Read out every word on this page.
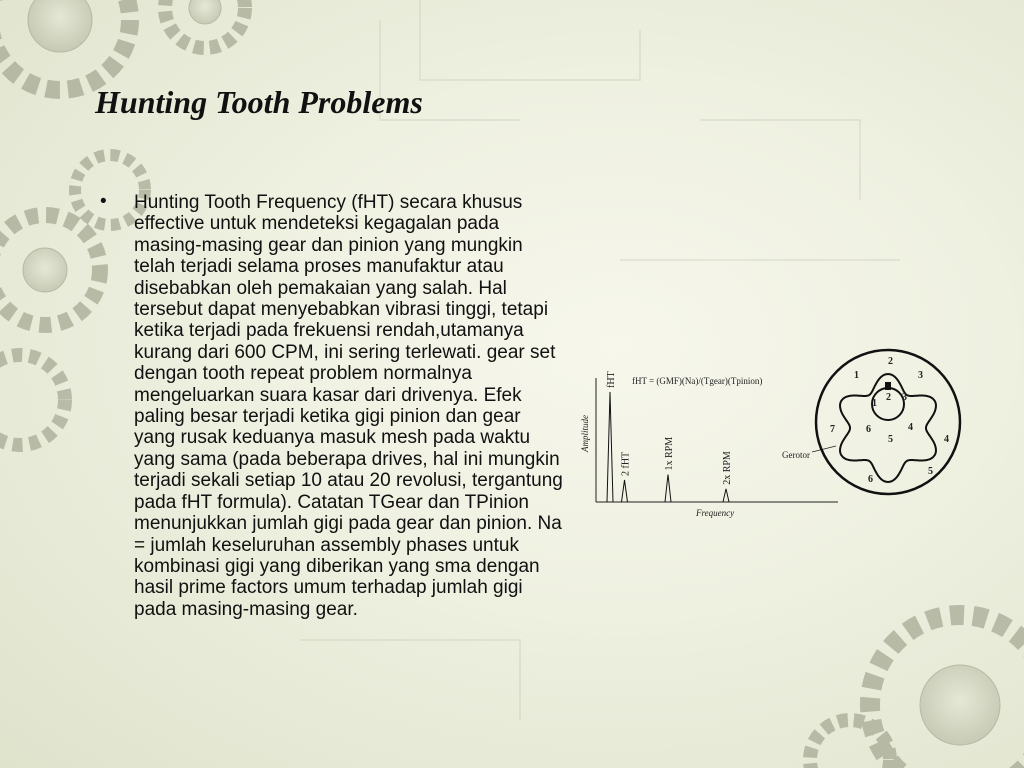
Hunting Tooth Problems
• Hunting Tooth Frequency (fHT) secara khusus effective untuk mendeteksi kegagalan pada masing-masing gear dan pinion yang mungkin telah terjadi selama proses manufaktur atau disebabkan oleh pemakaian yang salah. Hal tersebut dapat menyebabkan vibrasi tinggi, tetapi ketika terjadi pada frekuensi rendah,utamanya kurang dari 600 CPM, ini sering terlewati. gear set dengan tooth repeat problem normalnya mengeluarkan suara kasar dari drivenya. Efek paling besar terjadi ketika gigi pinion dan gear yang rusak keduanya masuk mesh pada waktu yang sama (pada beberapa drives, hal ini mungkin terjadi sekali setiap 10 atau 20 revolusi, tergantung pada fHT formula). Catatan TGear dan TPinion menunjukkan jumlah gigi pada gear dan pinion. Na = jumlah keseluruhan assembly phases untuk kombinasi gigi yang diberikan yang sma dengan hasil prime factors umum terhadap jumlah gigi pada masing-masing gear.

fHT = (GMF)(Na)/(Tgear)(Tpinion)
Amplitude
Frequency
fHT
2 fHT	1x RPM	2x RPM	Gerotor
1
2
3
4
5
6
7
1
2 3
4
5
6
